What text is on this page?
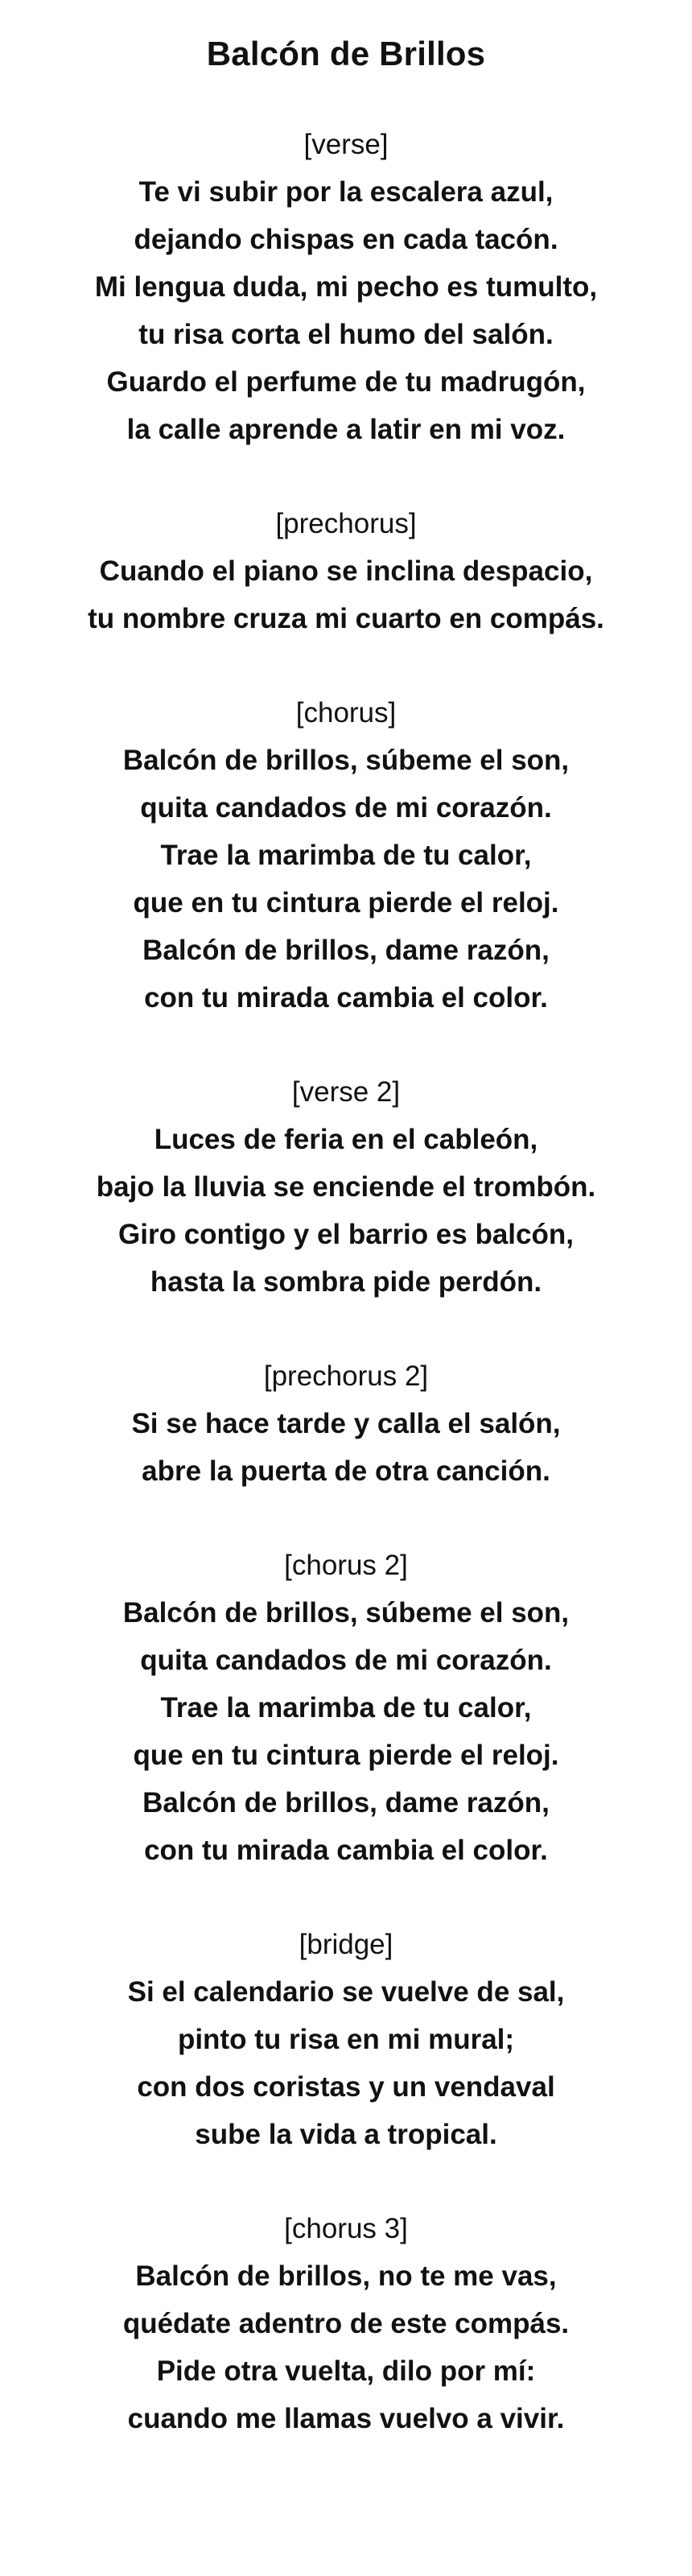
Balcón de Brillos
[verse]
Te vi subir por la escalera azul,
dejando chispas en cada tacón.
Mi lengua duda, mi pecho es tumulto,
tu risa corta el humo del salón.
Guardo el perfume de tu madrugón,
la calle aprende a latir en mi voz.
[prechorus]
Cuando el piano se inclina despacio,
tu nombre cruza mi cuarto en compás.
[chorus]
Balcón de brillos, súbeme el son,
quita candados de mi corazón.
Trae la marimba de tu calor,
que en tu cintura pierde el reloj.
Balcón de brillos, dame razón,
con tu mirada cambia el color.
[verse 2]
Luces de feria en el cableón,
bajo la lluvia se enciende el trombón.
Giro contigo y el barrio es balcón,
hasta la sombra pide perdón.
[prechorus 2]
Si se hace tarde y calla el salón,
abre la puerta de otra canción.
[chorus 2]
Balcón de brillos, súbeme el son,
quita candados de mi corazón.
Trae la marimba de tu calor,
que en tu cintura pierde el reloj.
Balcón de brillos, dame razón,
con tu mirada cambia el color.
[bridge]
Si el calendario se vuelve de sal,
pinto tu risa en mi mural;
con dos coristas y un vendaval
sube la vida a tropical.
[chorus 3]
Balcón de brillos, no te me vas,
quédate adentro de este compás.
Pide otra vuelta, dilo por mí:
cuando me llamas vuelvo a vivir.
